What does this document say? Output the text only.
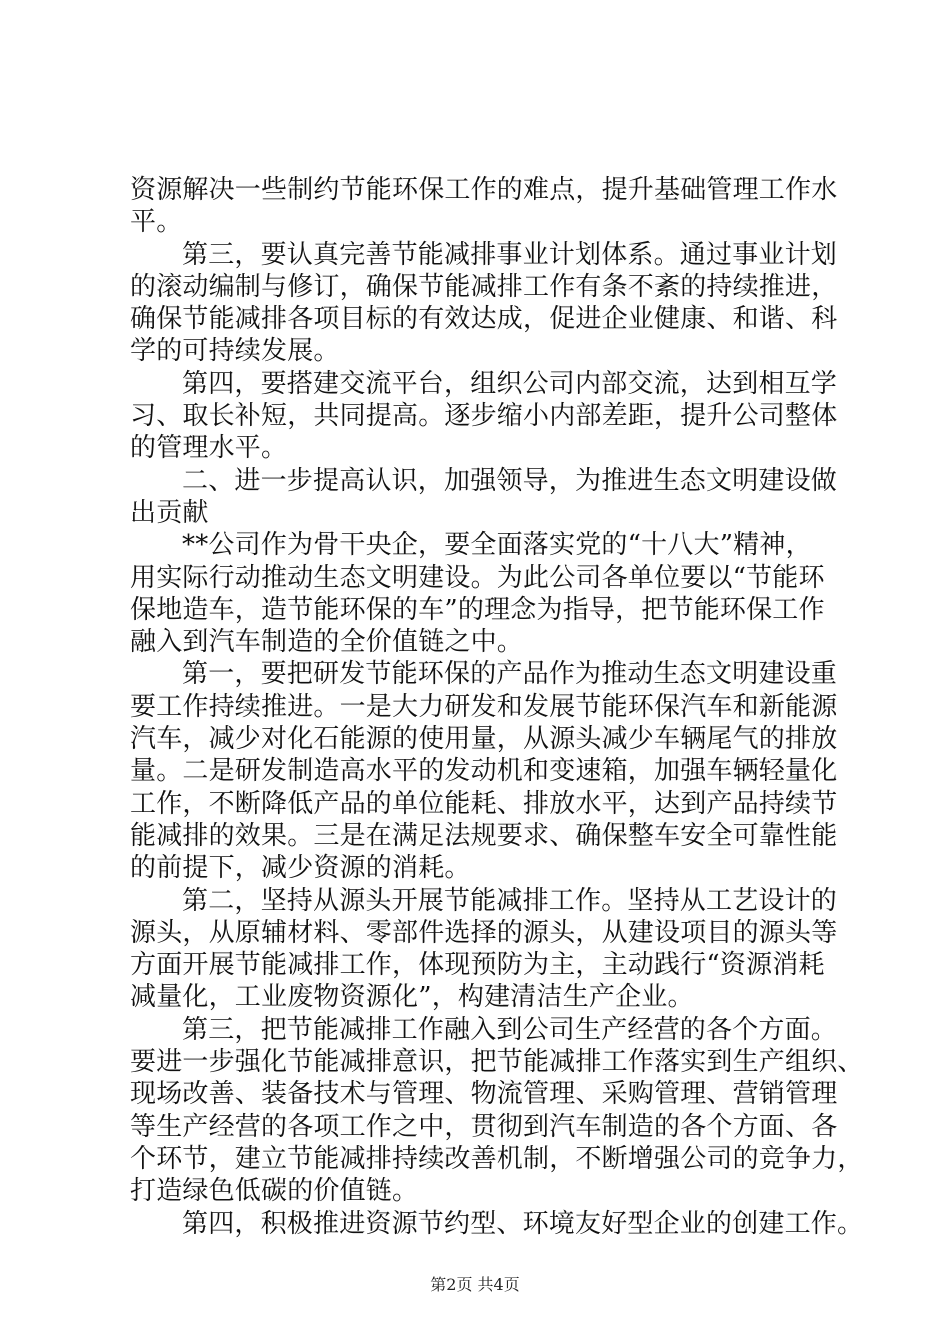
资源解决一些制约节能环保工作的难点，提升基础管理工作水
平。
第三，要认真完善节能减排事业计划体系。通过事业计划
的滚动编制与修订，确保节能减排工作有条不紊的持续推进，
确保节能减排各项目标的有效达成，促进企业健康、和谐、科
学的可持续发展。
第四，要搭建交流平台，组织公司内部交流，达到相互学
习、取长补短，共同提高。逐步缩小内部差距，提升公司整体
的管理水平。
二、进一步提高认识，加强领导，为推进生态文明建设做
出贡献
**公司作为骨干央企，要全面落实党的“十八大”精神，
用实际行动推动生态文明建设。为此公司各单位要以“节能环
保地造车，造节能环保的车”的理念为指导，把节能环保工作
融入到汽车制造的全价值链之中。
第一，要把研发节能环保的产品作为推动生态文明建设重
要工作持续推进。一是大力研发和发展节能环保汽车和新能源
汽车，减少对化石能源的使用量，从源头减少车辆尾气的排放
量。二是研发制造高水平的发动机和变速箱，加强车辆轻量化
工作，不断降低产品的单位能耗、排放水平，达到产品持续节
能减排的效果。三是在满足法规要求、确保整车安全可靠性能
的前提下，减少资源的消耗。
第二，坚持从源头开展节能减排工作。坚持从工艺设计的
源头，从原辅材料、零部件选择的源头，从建设项目的源头等
方面开展节能减排工作，体现预防为主，主动践行“资源消耗
减量化，工业废物资源化”，构建清洁生产企业。
第三，把节能减排工作融入到公司生产经营的各个方面。
要进一步强化节能减排意识，把节能减排工作落实到生产组织、
现场改善、装备技术与管理、物流管理、采购管理、营销管理
等生产经营的各项工作之中，贯彻到汽车制造的各个方面、各
个环节，建立节能减排持续改善机制，不断增强公司的竞争力，
打造绿色低碳的价值链。
第四，积极推进资源节约型、环境友好型企业的创建工作。
第2页 共4页
